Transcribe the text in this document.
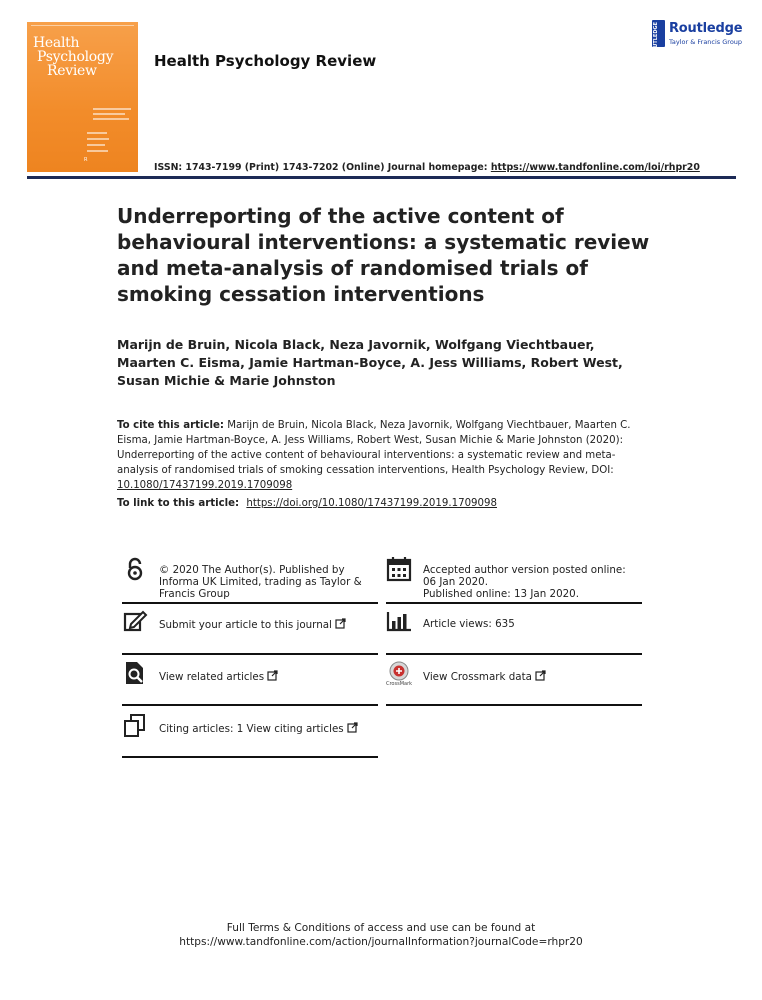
Health
Psychology
Review
R
Health Psychology Review
ROUTLEDGE Routledge
Taylor & Francis Group
ISSN: 1743-7199 (Print) 1743-7202 (Online) Journal homepage: https://www.tandfonline.com/loi/rhpr20
Underreporting of the active content of behavioural interventions: a systematic review and meta-analysis of randomised trials of smoking cessation interventions
Marijn de Bruin, Nicola Black, Neza Javornik, Wolfgang Viechtbauer, Maarten C. Eisma, Jamie Hartman-Boyce, A. Jess Williams, Robert West, Susan Michie & Marie Johnston
To cite this article: Marijn de Bruin, Nicola Black, Neza Javornik, Wolfgang Viechtbauer, Maarten C. Eisma, Jamie Hartman-Boyce, A. Jess Williams, Robert West, Susan Michie & Marie Johnston (2020): Underreporting of the active content of behavioural interventions: a systematic review and meta-analysis of randomised trials of smoking cessation interventions, Health Psychology Review, DOI: 10.1080/17437199.2019.1709098
To link to this article: https://doi.org/10.1080/17437199.2019.1709098
© 2020 The Author(s). Published by Informa UK Limited, trading as Taylor & Francis Group
Submit your article to this journal
View related articles
Citing articles: 1 View citing articles
Accepted author version posted online: 06 Jan 2020.
Published online: 13 Jan 2020.
Article views: 635
CrossMark
View Crossmark data
Full Terms & Conditions of access and use can be found at
https://www.tandfonline.com/action/journalInformation?journalCode=rhpr20
